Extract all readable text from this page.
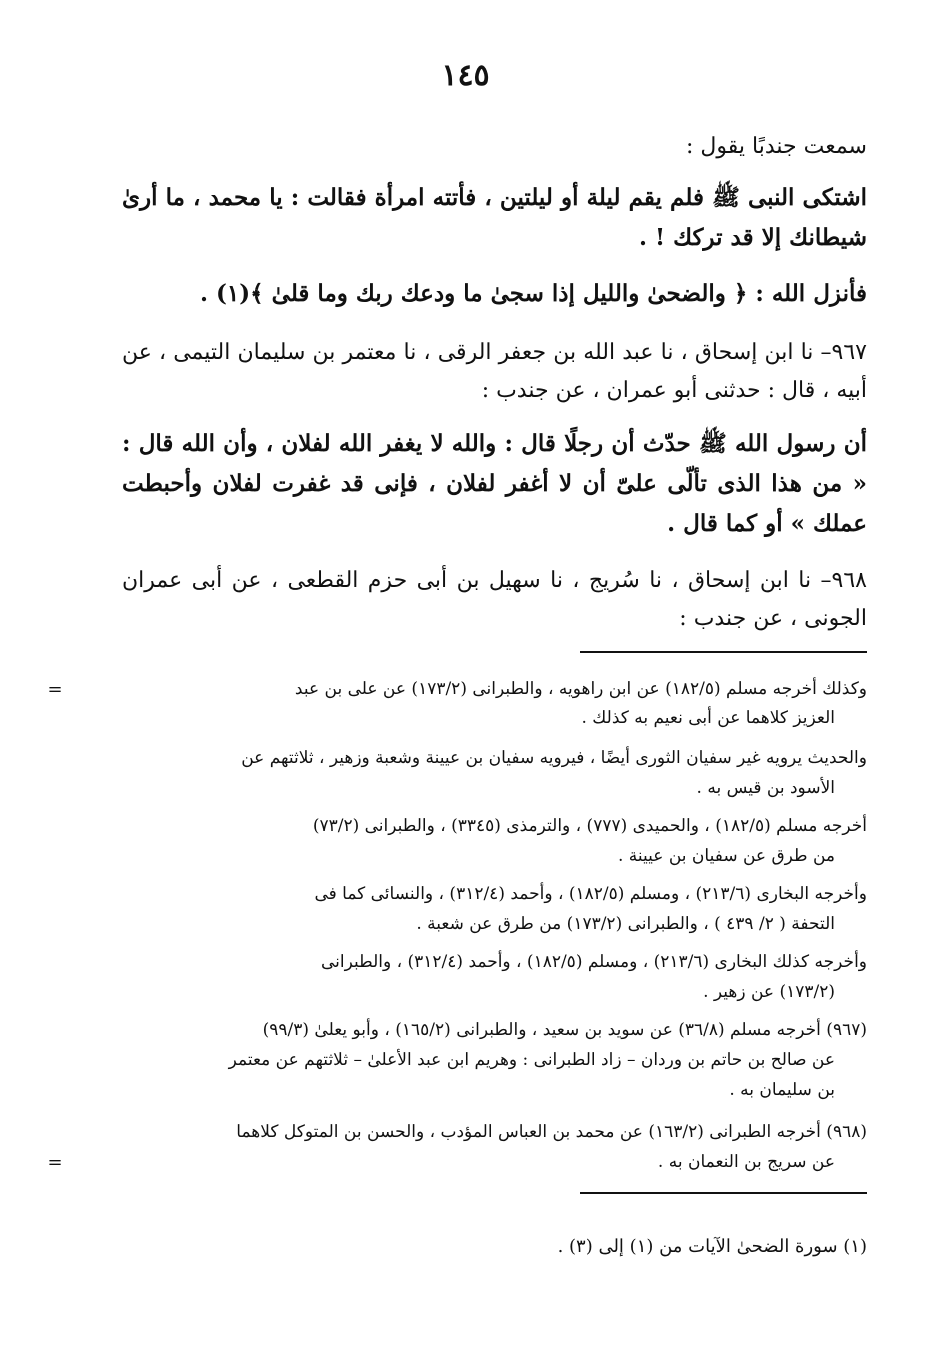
١٤٥

سمعت جندبًا يقول :

اشتكى النبى ﷺ فلم يقم ليلة أو ليلتين ، فأتته امرأة فقالت : يا محمد ، ما أرىٰ شيطانك إلا قد تركك ! .

فأنزل الله : ﴿ والضحىٰ والليل إذا سجىٰ ما ودعك ربك وما قلىٰ ﴾(١) .

٩٦٧– نا ابن إسحاق ، نا عبد الله بن جعفر الرقى ، نا معتمر بن سليمان التيمى ، عن أبيه ، قال : حدثنى أبو عمران ، عن جندب :

أن رسول الله ﷺ حدّث أن رجلًا قال : والله لا يغفر الله لفلان ، وأن الله قال : « من هذا الذى تألّى علىّ أن لا أغفر لفلان ، فإنى قد غفرت لفلان وأحبطت عملك » أو كما قال .

٩٦٨– نا ابن إسحاق ، نا سُريج ، نا سهيل بن أبى حزم القطعى ، عن أبى عمران الجونى ، عن جندب :

=	وكذلك أخرجه مسلم (١٨٢/٥) عن ابن راهويه ، والطبرانى (١٧٣/٢) عن على بن عبد

العزيز كلاهما عن أبى نعيم به كذلك .

والحديث يرويه غير سفيان الثورى أيضًا ، فيرويه سفيان بن عيينة وشعبة وزهير ، ثلاثتهم عن

الأسود بن قيس به .

أخرجه مسلم (١٨٢/٥) ، والحميدى (٧٧٧) ، والترمذى (٣٣٤٥) ، والطبرانى (٧٣/٢)

من طرق عن سفيان بن عيينة .

وأخرجه البخارى (٢١٣/٦) ، ومسلم (١٨٢/٥) ، وأحمد (٣١٢/٤) ، والنسائى كما فى

التحفة ( ٢/ ٤٣٩ ) ، والطبرانى (١٧٣/٢) من طرق عن شعبة .

وأخرجه كذلك البخارى (٢١٣/٦) ، ومسلم (١٨٢/٥) ، وأحمد (٣١٢/٤) ، والطبرانى

(١٧٣/٢) عن زهير .

(٩٦٧) أخرجه مسلم (٣٦/٨) عن سويد بن سعيد ، والطبرانى (١٦٥/٢) ، وأبو يعلىٰ (٩٩/٣)

عن صالح بن حاتم بن وردان – زاد الطبرانى : وهريم ابن عبد الأعلىٰ – ثلاثتهم عن معتمر

بن سليمان به .

(٩٦٨) أخرجه الطبرانى (١٦٣/٢) عن محمد بن العباس المؤدب ، والحسن بن المتوكل كلاهما

عن سريج بن النعمان به .

=

(١) سورة الضحىٰ الآيات من (١) إلى (٣) .
